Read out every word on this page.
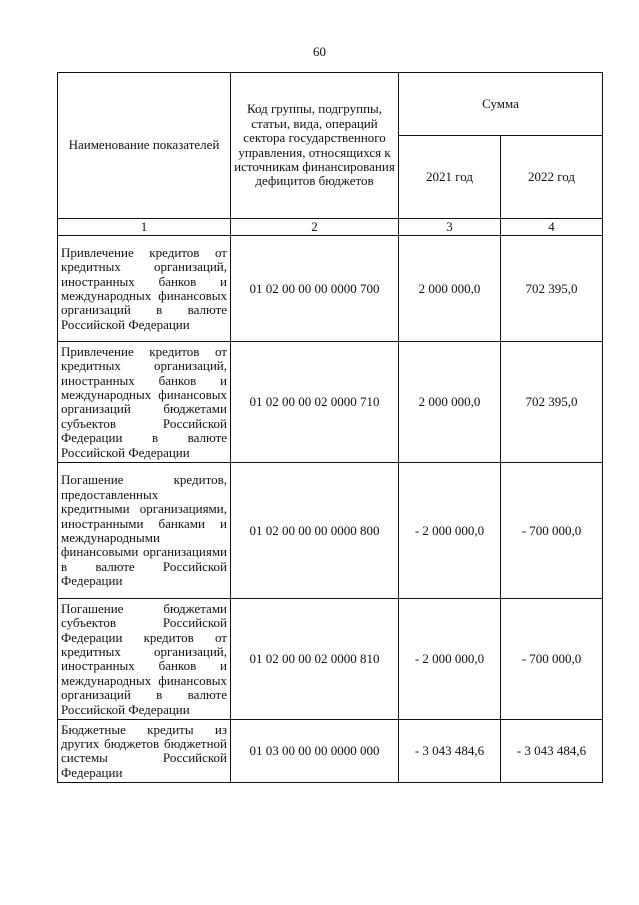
60
Наименование показателей	Код группы, подгруппы, статьи, вида, операций сектора государственного управления, относящихся к источникам финансирования дефицитов бюджетов	Сумма	
		2021 год	2022 год
1	2	3	4
Привлечение кредитов от кредитных организаций, иностранных банков и международных финансовых организаций в валюте Российской Федерации	01 02 00 00 00 0000 700	2 000 000,0	702 395,0
Привлечение кредитов от кредитных организаций, иностранных банков и международных финансовых организаций бюджетами субъектов Российской Федерации в валюте Российской Федерации	01 02 00 00 02 0000 710	2 000 000,0	702 395,0
Погашение кредитов, предоставленных кредитными организациями, иностранными банками и международными финансовыми организациями в валюте Российской Федерации	01 02 00 00 00 0000 800	- 2 000 000,0	- 700 000,0
Погашение бюджетами субъектов Российской Федерации кредитов от кредитных организаций, иностранных банков и международных финансовых организаций в валюте Российской Федерации	01 02 00 00 02 0000 810	- 2 000 000,0	- 700 000,0
Бюджетные кредиты из других бюджетов бюджетной системы Российской Федерации	01 03 00 00 00 0000 000	- 3 043 484,6	- 3 043 484,6
